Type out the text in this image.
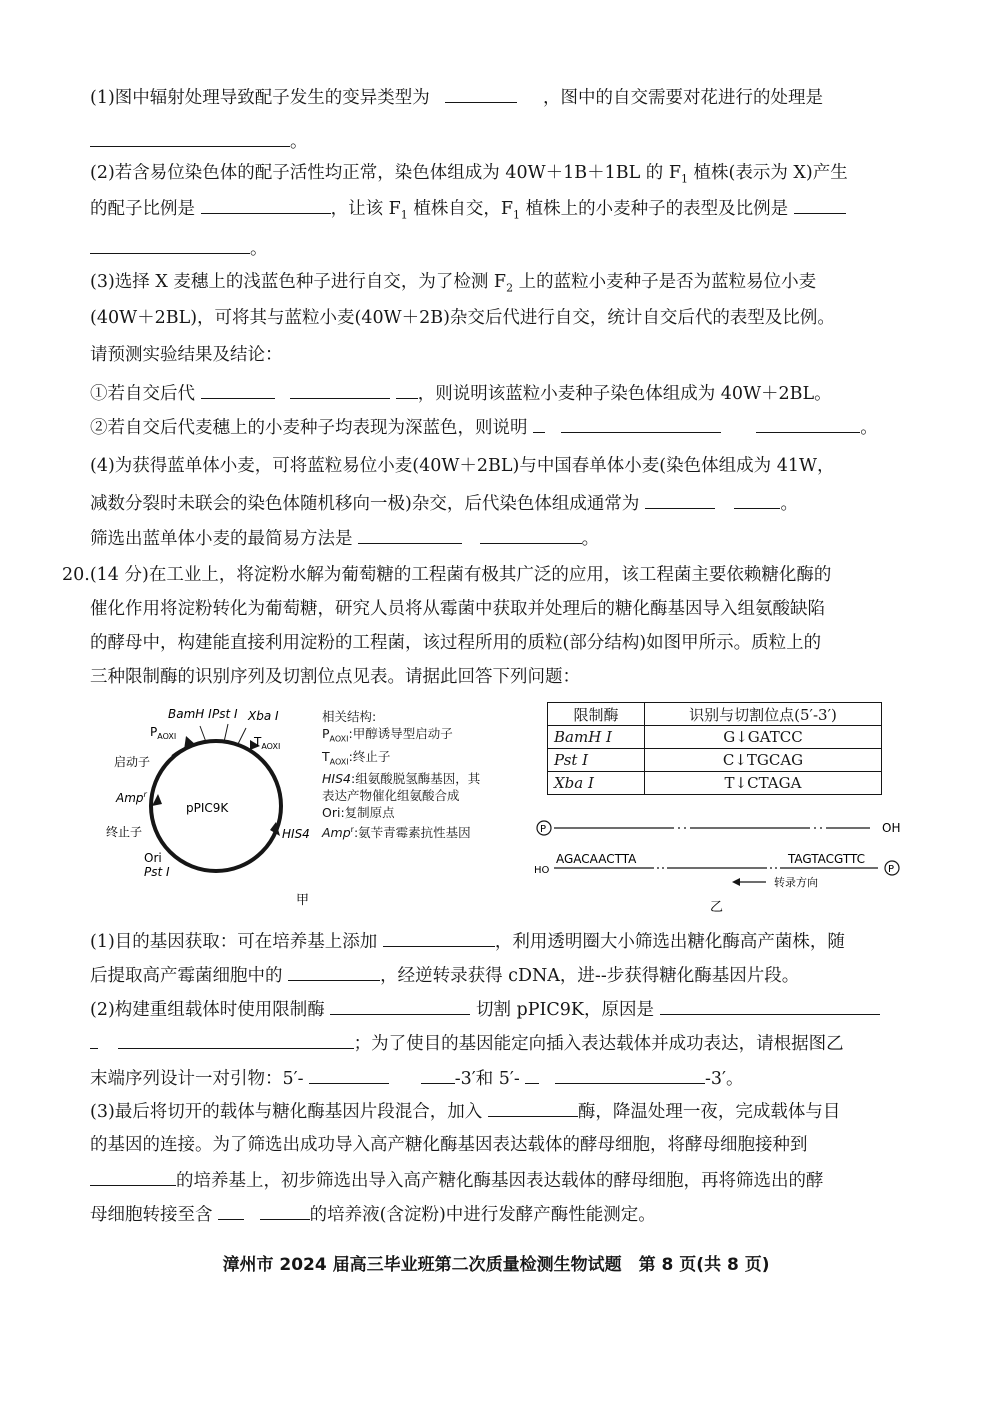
(1)图中辐射处理导致配子发生的变异类型为	，图中的自交需要对花进行的处理是
。
(2)若含易位染色体的配子活性均正常，染色体组成为 40W＋1B＋1BL 的 $F_1$ 植株(表示为 X)产生
的配子比例是	，让该 $F_1$ 植株自交，$F_1$ 植株上的小麦种子的表型及比例是
。
(3)选择 X 麦穗上的浅蓝色种子进行自交，为了检测 $F_2$ 上的蓝粒小麦种子是否为蓝粒易位小麦
(40W＋2BL)，可将其与蓝粒小麦(40W＋2B)杂交后代进行自交，统计自交后代的表型及比例。
请预测实验结果及结论：
①若自交后代	，则说明该蓝粒小麦种子染色体组成为 40W＋2BL。
②若自交后代麦穗上的小麦种子均表现为深蓝色，则说明	。
(4)为获得蓝单体小麦，可将蓝粒易位小麦(40W＋2BL)与中国春单体小麦(染色体组成为 41W，
减数分裂时未联会的染色体随机移向一极)杂交，后代染色体组成通常为	。
筛选出蓝单体小麦的最简易方法是	。
20.(14 分)在工业上，将淀粉水解为葡萄糖的工程菌有极其广泛的应用，该工程菌主要依赖糖化酶的
催化作用将淀粉转化为葡萄糖，研究人员将从霉菌中获取并处理后的糖化酶基因导入组氨酸缺陷
的酵母中，构建能直接利用淀粉的工程菌，该过程所用的质粒(部分结构)如图甲所示。质粒上的
三种限制酶的识别序列及切割位点见表。请据此回答下列问题：
BamH I Pst I Xba I
$P_{AOXI}$	$T_{AOXI}$
启动子
Amp$^r$
终止子
pPIC9K
HIS4
Ori
Pst I
甲
相关结构:
$P_{AOXI}$:甲醇诱导型启动子
$T_{AOXI}$:终止子
HIS4:组氨酸脱氢酶基因，其
表达产物催化组氨酸合成
Ori:复制原点
Amp$^r$:氨苄青霉素抗性基因
限制酶	识别与切割位点(5′-3′)
BamH Ⅰ	G↓GATCC
Pst Ⅰ	C↓TGCAG
Xba Ⅰ	T↓CTAGA
P	OH
HO
AGACAACTTA	TAGTACGTTC
P
转录方向
乙
(1)目的基因获取：可在培养基上添加	，利用透明圈大小筛选出糖化酶高产菌株，随
后提取高产霉菌细胞中的	，经逆转录获得 cDNA，进--步获得糖化酶基因片段。
(2)构建重组载体时使用限制酶	切割 pPIC9K，原因是
；为了使目的基因能定向插入表达载体并成功表达，请根据图乙
末端序列设计一对引物：5′-	-3′和 5′-	-3′。
(3)最后将切开的载体与糖化酶基因片段混合，加入	酶，降温处理一夜，完成载体与目
的基因的连接。为了筛选出成功导入高产糖化酶基因表达载体的酵母细胞，将酵母细胞接种到
的培养基上，初步筛选出导入高产糖化酶基因表达载体的酵母细胞，再将筛选出的酵
母细胞转接至含	的培养液(含淀粉)中进行发酵产酶性能测定。
漳州市 2024 届高三毕业班第二次质量检测生物试题　第 8 页(共 8 页)
